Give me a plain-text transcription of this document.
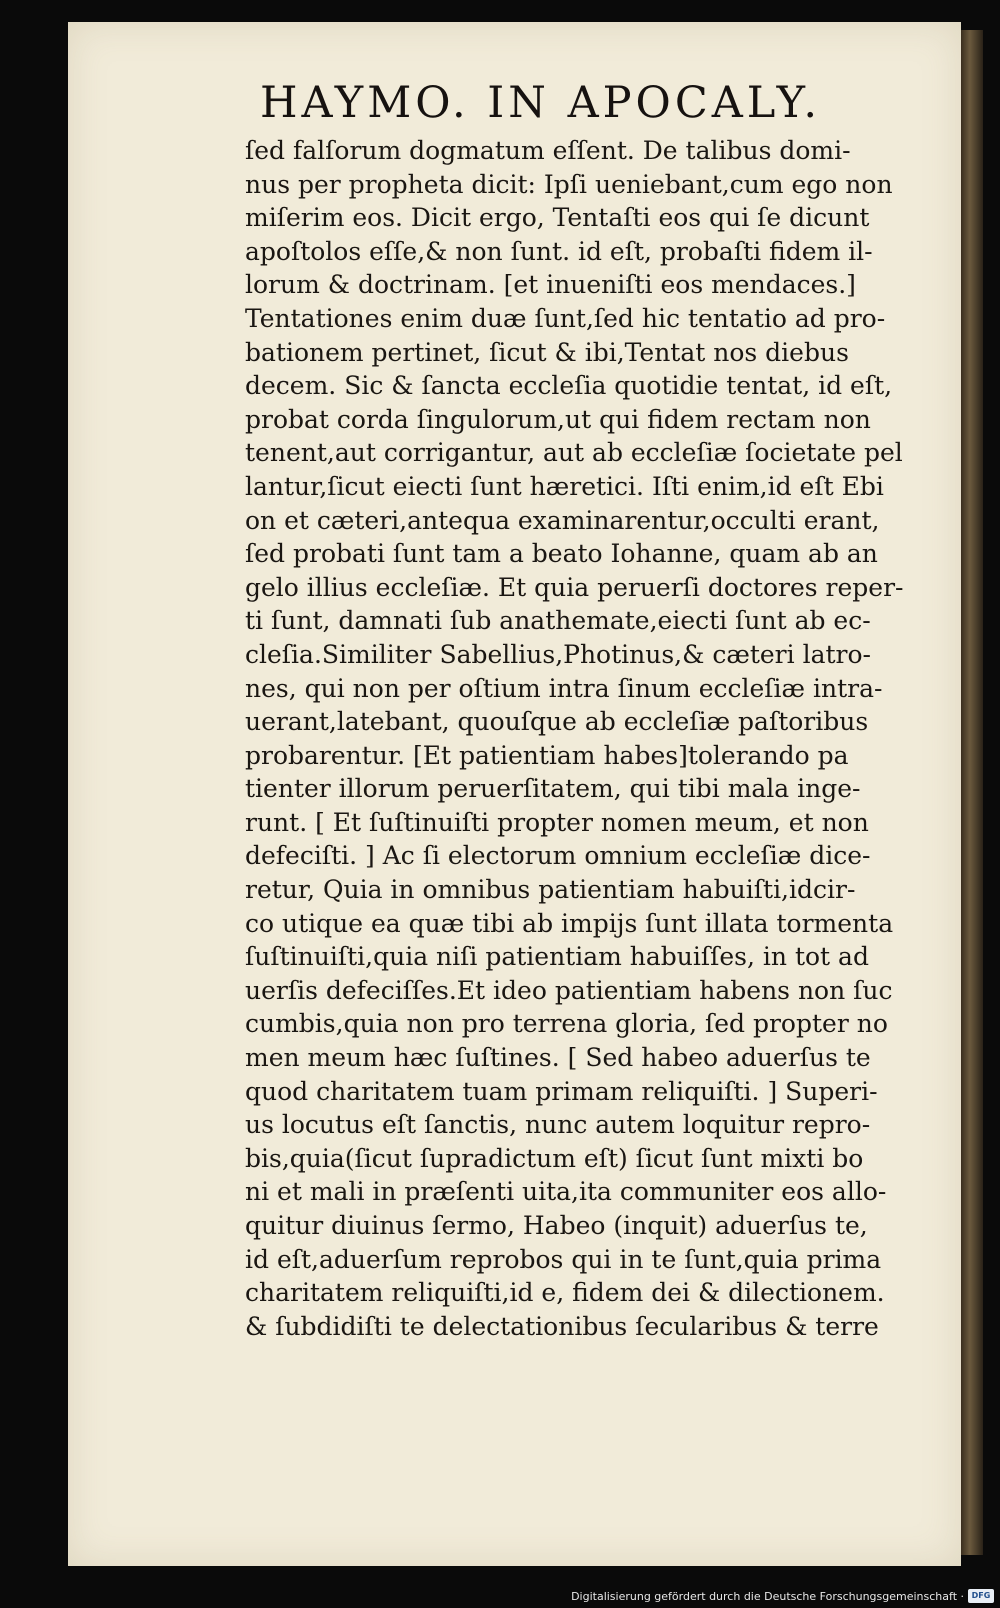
HAYMO. IN APOCALY.
ſed falſorum dogmatum eſſent. De talibus domi-
nus per propheta dicit: Ipſi ueniebant,cum ego non
miſerim eos. Dicit ergo, Tentaſti eos qui ſe dicunt
apoſtolos eſſe,& non ſunt. id eſt, probaſti fidem il-
lorum & doctrinam. [et inueniſti eos mendaces.]
Tentationes enim duæ ſunt,ſed hic tentatio ad pro-
bationem pertinet, ſicut & ibi,Tentat nos diebus
decem. Sic & ſancta eccleſia quotidie tentat, id eſt,
probat corda ſingulorum,ut qui fidem rectam non
tenent,aut corrigantur, aut ab eccleſiæ ſocietate pel
lantur,ſicut eiecti ſunt hæretici. Iſti enim,id eſt Ebi
on et cæteri,antequa examinarentur,occulti erant,
ſed probati ſunt tam a beato Iohanne, quam ab an
gelo illius eccleſiæ. Et quia peruerſi doctores reper-
ti ſunt, damnati ſub anathemate,eiecti ſunt ab ec-
cleſia.Similiter Sabellius,Photinus,& cæteri latro-
nes, qui non per oſtium intra ſinum eccleſiæ intra-
uerant,latebant, quouſque ab eccleſiæ paſtoribus
probarentur. [Et patientiam habes]tolerando pa
tienter illorum peruerſitatem, qui tibi mala inge-
runt. [ Et ſuſtinuiſti propter nomen meum, et non
defeciſti. ] Ac ſi electorum omnium eccleſiæ dice-
retur, Quia in omnibus patientiam habuiſti,idcir-
co utique ea quæ tibi ab impijs ſunt illata tormenta
ſuſtinuiſti,quia niſi patientiam habuiſſes, in tot ad
uerſis defeciſſes.Et ideo patientiam habens non ſuc
cumbis,quia non pro terrena gloria, ſed propter no
men meum hæc ſuſtines. [ Sed habeo aduerſus te
quod charitatem tuam primam reliquiſti. ] Superi-
us locutus eſt ſanctis, nunc autem loquitur repro-
bis,quia(ſicut ſupradictum eſt) ſicut ſunt mixti bo
ni et mali in præſenti uita,ita communiter eos allo-
quitur diuinus ſermo, Habeo (inquit) aduerſus te,
id eſt,aduerſum reprobos qui in te ſunt,quia prima
charitatem reliquiſti,id e, fidem dei & dilectionem.
& ſubdidiſti te delectationibus ſecularibus & terre
Digitalisierung gefördert durch die Deutsche Forschungsgemeinschaft · DFG
